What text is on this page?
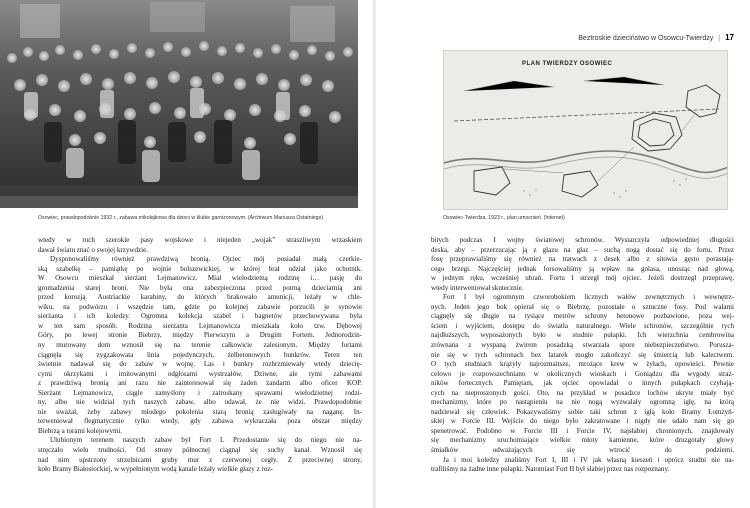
Osowiec, prawdopodobnie 1932 r., zabawa mikołajkowa dla dzieci w klubie garnizonowym. (Archiwum Mariusza Ostatniego)
wtedy w ruch szerokie pasy wojskowe i niejeden „wojak” straszliwym wrzaskiem
dawał światu znać o swojej krzywdzie.
Dysponowaliśmy również prawdziwą bronią. Ojciec mój posiadał małą czerkie-
ską szabelkę – pamiątkę po wojnie bolszewickiej, w której brał udział jako ochotnik.
W Osowcu mieszkał sierżant Lejmanowicz. Miał wielodzietną rodzinę i… pasję do
gromadzenia starej broni. Nie była ona zabezpieczona przed potrną dzieciarnią ani
przed korozją. Austriackie karabiny, do których brakowało amunicji, leżały w chle-
wiku, na podwórzu i wszędzie tam, gdzie po kolejnej zabawie porzucili je synowie
sierżanta i ich koledzy. Ogromna kolekcja szabel i bagnetów przechowywana była
w ten sam sposób. Rodzina sierżanta Lejmanowicza mieszkała koło tzw. Dębowej
Góry, po lewej stronie Biebrzy, między Pierwszym a Drugim Fortem. Jednorodzin-
ny murowany dom wznosił się na terenie całkowicie zalesionym. Między fortami
ciągnęła się zygzakowata linia pojedynczych, żelbetonowych bunkrów. Teren ten
świetnie nadawał się do zabaw w wojnę. Las i bunkry rozbrzmiewały wtedy dziecię-
cymi okrzykami i imitowanymi odgłosami wystrzałów. Dziwne, ale tymi zabawami
z prawdziwą bronią ani razu nie zainteresował się żaden żandarm albo oficer KOP.
Sierżant Lejmanowicz, ciągle zamyślony i zatroskany sprawami wielodzietnej rodzi-
ny, albo nie widział tych naszych zabaw, albo udawał, że nie widzi. Prawdopodobnie
nie uważał, żeby zabawy młodego pokolenia starą bronią zasługiwały na naganę. In-
terweniował flegmatycznie tylko wtedy, gdy zabawa wykraczała poza obszar między
Biebrzą a torami kolejowymi.
Ulubionym terenem naszych zabaw był Fort I. Przedostanie się do niego nie na-
stręczało wielu trudności. Od strony północnej ciągnął się suchy kanał. Wznosił się
nad nim upstrzony strzelnicami gruby mur z czerwonej cegły. Z przeciwnej strony,
koło Bramy Białostockiej, w wypełnionym wodą kanale leżały wielkie głazy z roz-
Beztroskie dzieciństwo w Osowcu-Twierdzy | 17
PLAN TWIERDZY OSOWIEC
Osowiec-Twierdza, 1923 r., plan umocnień. (Internet)
bitych podczas I wojny światowej schronów. Wystarczyła odpowiedniej długości
deska, aby – przerzucając ją z głazu na głaz – suchą nogą dostać się do fortu. Przez
fosę przeprawialiśmy się również na tratwach z desek albo z sitowia gęsto porastają-
cego brzegi. Najczęściej jednak forsowaliśmy ją wpław na golasa, unosząc nad głową,
w jednym ręku, wcześniej ubrań. Fortu I strzegł mój ojciec. Jeżeli dostrzegł przeprawę,
wtedy interweniował skutecznie.
Fort I był ogromnym czworobokiem licznych wałów zewnętrznych i wewnętrz-
nych. Jeden jego bok opierał się o Biebrzę, pozostałe o sztuczne fosy. Pod wałami
ciągnęły się długie na tysiące metrów schrony betonowe pozbawione, poza wej-
ściem i wyjściem, dostępu do światła naturalnego. Wiele schronów, szczególnie tych
najdłuższych, wyposażonych było w studnie pułapki. Ich wierzchnia cembrowina
zrównana z wyspaną żwirem posadzką stwarzała spore niebezpieczeństwo. Porusza-
nie się w tych schronach bez latarek mogło zakończyć się śmiercią lub kalectwem.
O tych studniach krążyły najrozmaitsze, mrożące krew w żyłach, opowieści. Pewnie
celowo je rozpowszechniano w okolicznych wioskach i Goniądzu dla wygody straż-
ników fortecznych. Pamiętam, jak ojciec opowiadał o innych pułapkach czyhają-
cych na nieproszonych gości. Oto, na przykład w posadzce lochów ukryte miały być
mechanizmy, które po nastąpieniu na nie nogą wyzwalały ogromną igłę, na którą
nadziewał się człowiek. Pokazywaliśmy sobie taki schron z igłą koło Bramy Łomżyń-
skiej w Forcie III. Wejście do niego było zakratowane i nigdy nie udało nam się go
spenetrować. Podobno w Forcie III i Forcie IV, najsłabiej chronionych, znajdowały
się mechanizmy uruchomiające wielkie młoty kamienne, które druzgotały głowy
śmiałków odważających się wtrocić do podziemi.
Ja i moi koledzy znaliśmy Fort I, III i IV jak własną kieszeń i oprócz studni nie na-
trafiliśmy na żadne inne pułapki. Natomiast Fort II był słabiej przez nas rozpoznany.
